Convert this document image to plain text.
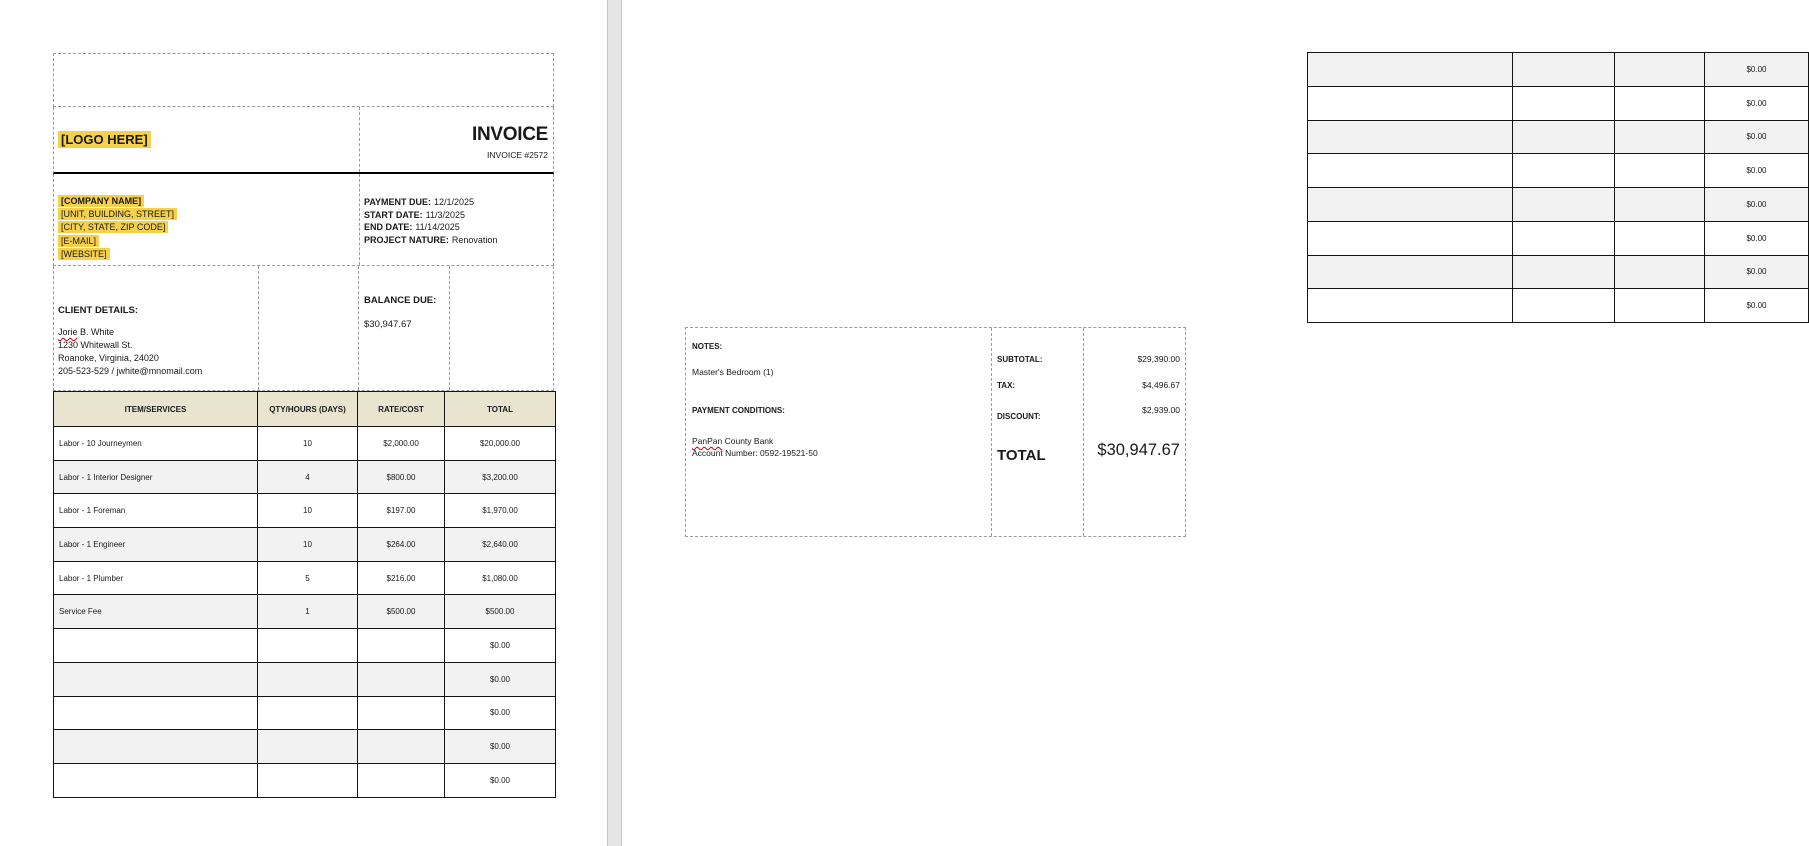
[LOGO HERE]	INVOICE
INVOICE #2572
[COMPANY NAME]
[UNIT, BUILDING, STREET]
[CITY, STATE, ZIP CODE]
[E-MAIL]
[WEBSITE]
PAYMENT DUE: 12/1/2025
START DATE: 11/3/2025
END DATE: 11/14/2025
PROJECT NATURE: Renovation
CLIENT DETAILS:
Jorie B. White
1230 Whitewall St.
Roanoke, Virginia, 24020
205-523-529 / jwhite@mnomail.com
BALANCE DUE:
$30,947.67
ITEM/SERVICES	QTY/HOURS (DAYS)	RATE/COST	TOTAL
Labor - 10 Journeymen	10	$2,000.00	$20,000.00
Labor - 1 Interior Designer	4	$800.00	$3,200.00
Labor - 1 Foreman	10	$197.00	$1,970.00
Labor - 1 Engineer	10	$264.00	$2,640.00
Labor - 1 Plumber	5	$216.00	$1,080.00
Service Fee	1	$500.00	$500.00
			$0.00
			$0.00
			$0.00
			$0.00
			$0.00
			$0.00
			$0.00
			$0.00
			$0.00
			$0.00
			$0.00
			$0.00
			$0.00
NOTES:
Master's Bedroom (1)
PAYMENT CONDITIONS:
PanPan County Bank
Account Number: 0592-19521-50
SUBTOTAL:	$29,390.00
TAX:	$4,496.67
DISCOUNT:
$2,939.00
TOTAL	$30,947.67
